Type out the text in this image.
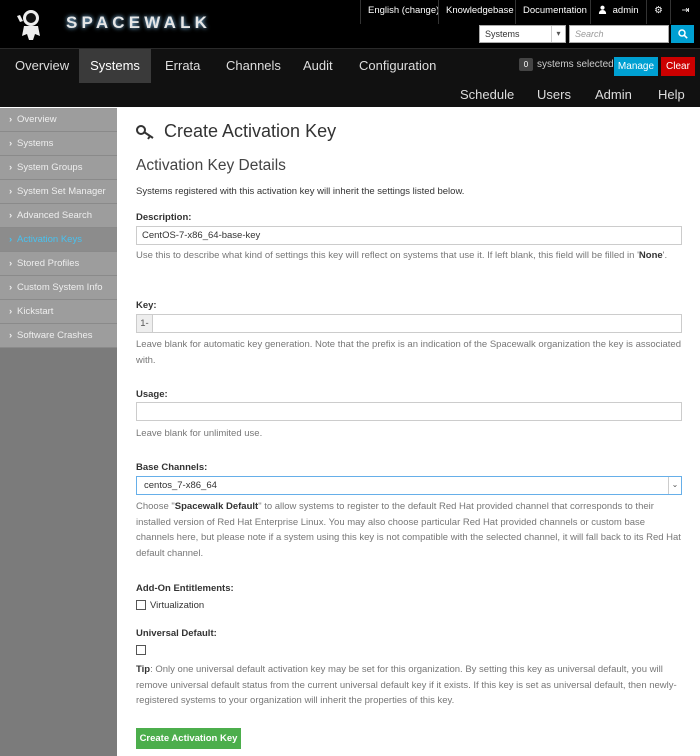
SPACEWALK
English (change) Knowledgebase Documentation	admin	⚙	⇥
Systems	▾	Search
Overview	Systems	Errata	Channels	Audit	Configuration
Schedule Users Admin Help
0 systems selected Manage	Clear
› Overview
› Systems
› System Groups
› System Set Manager
› Advanced Search
› Activation Keys
› Stored Profiles
› Custom System Info
› Kickstart
› Software Crashes
Create Activation Key
Activation Key Details
Systems registered with this activation key will inherit the settings listed below.
Description:
CentOS-7-x86_64-base-key
Use this to describe what kind of settings this key will reflect on systems that use it. If left blank, this field will be filled in 'None'.
Key:
1-
Leave blank for automatic key generation. Note that the prefix is an indication of the Spacewalk organization the key is associated with.
Usage:
Leave blank for unlimited use.
Base Channels:
centos_7-x86_64	⌄
Choose "Spacewalk Default" to allow systems to register to the default Red Hat provided channel that corresponds to their installed version of Red Hat Enterprise Linux. You may also choose particular Red Hat provided channels or custom base channels here, but please note if a system using this key is not compatible with the selected channel, it will fall back to its Red Hat default channel.
Add-On Entitlements:
Virtualization
Universal Default:
Tip: Only one universal default activation key may be set for this organization. By setting this key as universal default, you will remove universal default status from the current universal default key if it exists. If this key is set as universal default, then newly-registered systems to your organization will inherit the properties of this key.
Create Activation Key
